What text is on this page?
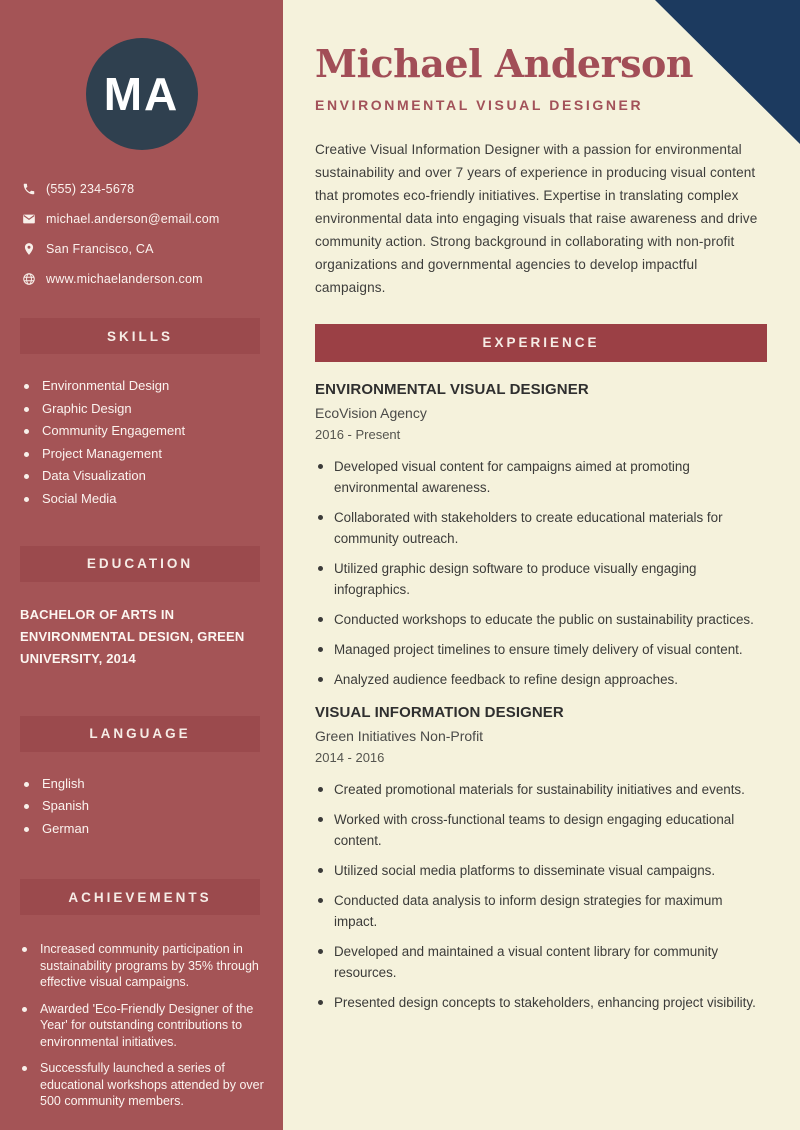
MA
(555) 234-5678
michael.anderson@email.com
San Francisco, CA
www.michaelanderson.com
SKILLS
Environmental Design
Graphic Design
Community Engagement
Project Management
Data Visualization
Social Media
EDUCATION
BACHELOR OF ARTS IN ENVIRONMENTAL DESIGN, GREEN UNIVERSITY, 2014
LANGUAGE
English
Spanish
German
ACHIEVEMENTS
Increased community participation in sustainability programs by 35% through effective visual campaigns.
Awarded 'Eco-Friendly Designer of the Year' for outstanding contributions to environmental initiatives.
Successfully launched a series of educational workshops attended by over 500 community members.
Michael Anderson
ENVIRONMENTAL VISUAL DESIGNER

Creative Visual Information Designer with a passion for environmental sustainability and over 7 years of experience in producing visual content that promotes eco-friendly initiatives. Expertise in translating complex environmental data into engaging visuals that raise awareness and drive community action. Strong background in collaborating with non-profit organizations and governmental agencies to develop impactful campaigns.

EXPERIENCE
ENVIRONMENTAL VISUAL DESIGNER
EcoVision Agency
2016 - Present
Developed visual content for campaigns aimed at promoting environmental awareness.
Collaborated with stakeholders to create educational materials for community outreach.
Utilized graphic design software to produce visually engaging infographics.
Conducted workshops to educate the public on sustainability practices.
Managed project timelines to ensure timely delivery of visual content.
Analyzed audience feedback to refine design approaches.
VISUAL INFORMATION DESIGNER
Green Initiatives Non-Profit
2014 - 2016
Created promotional materials for sustainability initiatives and events.
Worked with cross-functional teams to design engaging educational content.
Utilized social media platforms to disseminate visual campaigns.
Conducted data analysis to inform design strategies for maximum impact.
Developed and maintained a visual content library for community resources.
Presented design concepts to stakeholders, enhancing project visibility.
